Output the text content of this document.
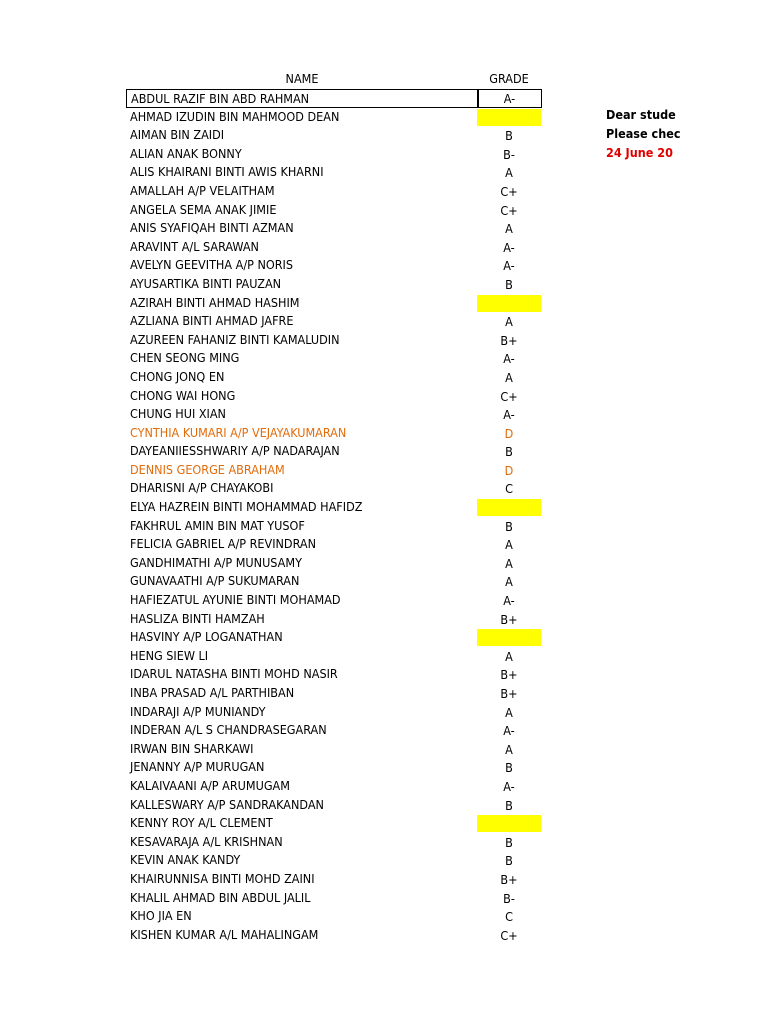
NAME	GRADE
ABDUL RAZIF BIN ABD RAHMAN	A-
AHMAD IZUDIN BIN MAHMOOD DEAN
AIMAN BIN ZAIDI	B
ALIAN ANAK BONNY	B-
ALIS KHAIRANI BINTI AWIS KHARNI	A
AMALLAH A/P VELAITHAM	C+
ANGELA SEMA ANAK JIMIE	C+
ANIS SYAFIQAH BINTI AZMAN	A
ARAVINT A/L SARAWAN	A-
AVELYN GEEVITHA A/P NORIS	A-
AYUSARTIKA BINTI PAUZAN	B
AZIRAH BINTI AHMAD HASHIM
AZLIANA BINTI AHMAD JAFRE	A
AZUREEN FAHANIZ BINTI KAMALUDIN	B+
CHEN SEONG MING	A-
CHONG JONQ EN	A
CHONG WAI HONG	C+
CHUNG HUI XIAN	A-
CYNTHIA KUMARI A/P VEJAYAKUMARAN	D
DAYEANIIESSHWARIY A/P NADARAJAN	B
DENNIS GEORGE ABRAHAM	D
DHARISNI A/P CHAYAKOBI	C
ELYA HAZREIN BINTI MOHAMMAD HAFIDZ
FAKHRUL AMIN BIN MAT YUSOF	B
FELICIA GABRIEL A/P REVINDRAN	A
GANDHIMATHI A/P MUNUSAMY	A
GUNAVAATHI A/P SUKUMARAN	A
HAFIEZATUL AYUNIE BINTI MOHAMAD	A-
HASLIZA BINTI HAMZAH	B+
HASVINY A/P LOGANATHAN
HENG SIEW LI	A
IDARUL NATASHA BINTI MOHD NASIR	B+
INBA PRASAD A/L PARTHIBAN	B+
INDARAJI A/P MUNIANDY	A
INDERAN A/L S CHANDRASEGARAN	A-
IRWAN BIN SHARKAWI	A
JENANNY A/P MURUGAN	B
KALAIVAANI A/P ARUMUGAM	A-
KALLESWARY A/P SANDRAKANDAN	B
KENNY ROY A/L CLEMENT
KESAVARAJA A/L KRISHNAN	B
KEVIN ANAK KANDY	B
KHAIRUNNISA BINTI MOHD ZAINI	B+
KHALIL AHMAD BIN ABDUL JALIL	B-
KHO JIA EN	C
KISHEN KUMAR A/L MAHALINGAM	C+
Dear stude
Please chec
24 June 20
